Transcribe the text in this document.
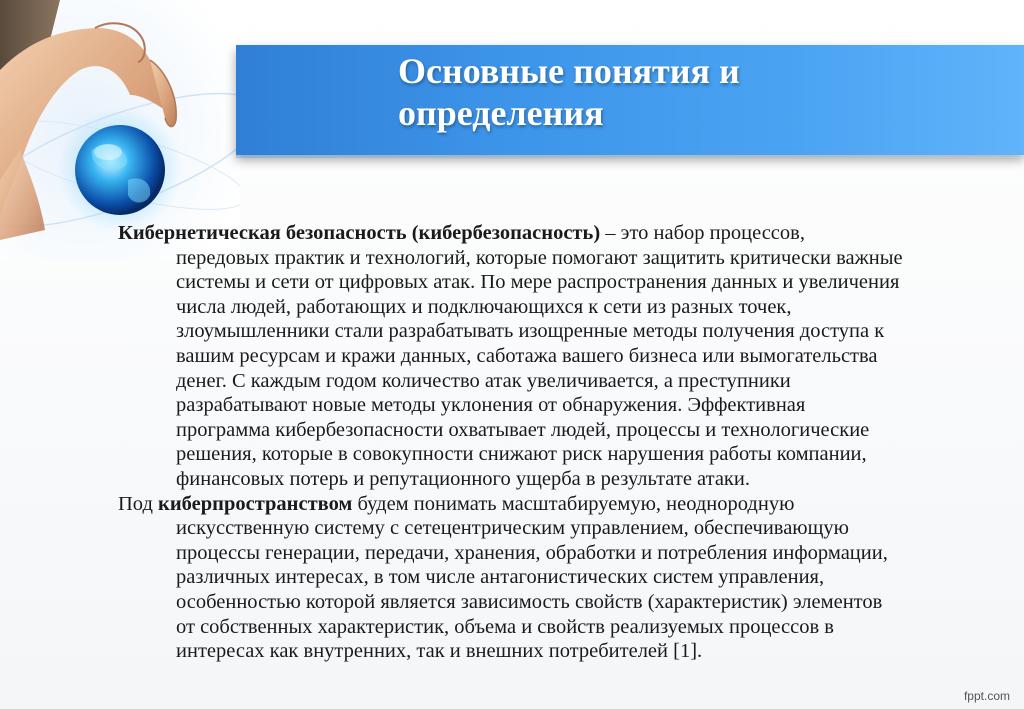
Основные понятия и
определения

Кибернетическая безопасность (кибербезопасность) – это набор процессов,
передовых практик и технологий, которые помогают защитить критически важные
системы и сети от цифровых атак. По мере распространения данных и увеличения
числа людей, работающих и подключающихся к сети из разных точек,
злоумышленники стали разрабатывать изощренные методы получения доступа к
вашим ресурсам и кражи данных, саботажа вашего бизнеса или вымогательства
денег. С каждым годом количество атак увеличивается, а преступники
разрабатывают новые методы уклонения от обнаружения. Эффективная
программа кибербезопасности охватывает людей, процессы и технологические
решения, которые в совокупности снижают риск нарушения работы компании,
финансовых потерь и репутационного ущерба в результате атаки.

Под киберпространством будем понимать масштабируемую, неоднородную
искусственную систему с сетецентрическим управлением, обеспечивающую
процессы генерации, передачи, хранения, обработки и потребления информации,
различных интересах, в том числе антагонистических систем управления,
особенностью которой является зависимость свойств (характеристик) элементов
от собственных характеристик, объема и свойств реализуемых процессов в
интересах как внутренних, так и внешних потребителей [1].

fppt.com
